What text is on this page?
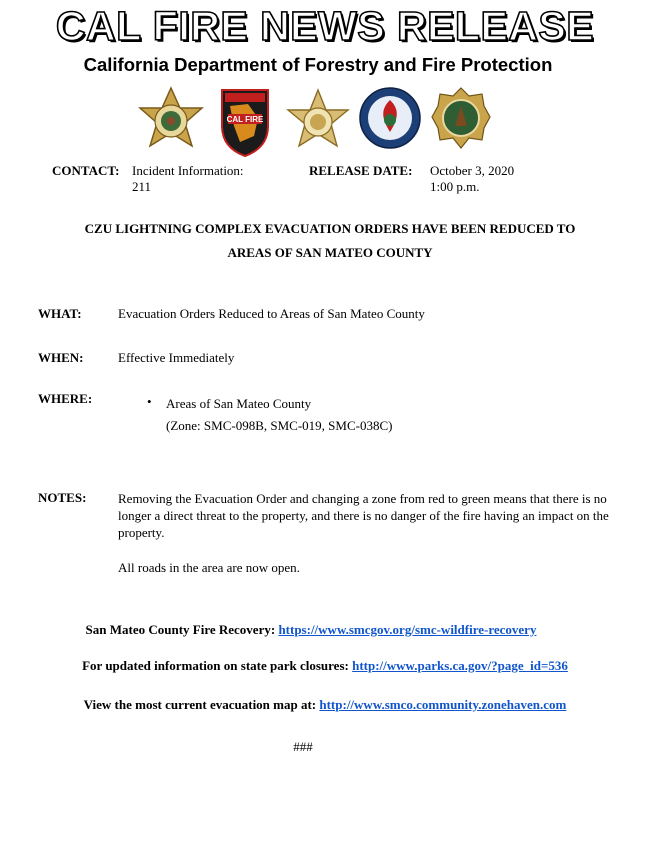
CAL FIRE NEWS RELEASE
California Department of Forestry and Fire Protection
CAL FIRE
CONTACT: Incident Information:
211
RELEASE DATE: October 3, 2020
1:00 p.m.
CZU LIGHTNING COMPLEX EVACUATION ORDERS HAVE BEEN REDUCED TO
AREAS OF SAN MATEO COUNTY
WHAT:	Evacuation Orders Reduced to Areas of San Mateo County
WHEN:	Effective Immediately
WHERE:	• Areas of San Mateo County
(Zone: SMC-098B, SMC-019, SMC-038C)
NOTES: Removing the Evacuation Order and changing a zone from red to green means that there is no
longer a direct threat to the property, and there is no danger of the fire having an impact on the
property.
All roads in the area are now open.
San Mateo County Fire Recovery: https://www.smcgov.org/smc-wildfire-recovery
For updated information on state park closures: http://www.parks.ca.gov/?page_id=536
View the most current evacuation map at: http://www.smco.community.zonehaven.com
###
